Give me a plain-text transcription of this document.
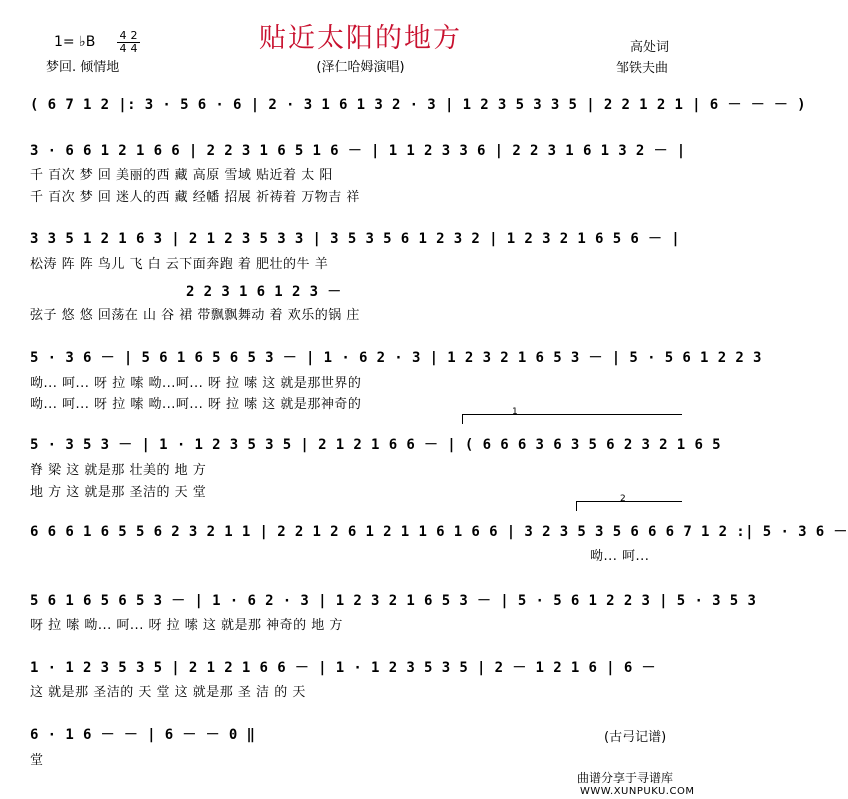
贴近太阳的地方
(泽仁哈姆演唱)
1= ♭B 4
4
2
4
梦回. 倾情地
高处词
邹铁夫曲
( 6 7 1 2 |: 3 · 5 6 · 6 | 2 · 3 1 6 1 3 2 · 3 | 1 2 3 5 3 3 5 | 2 2 1 2 1 | 6 － － － )
3 · 6 6 1 2 1 6 6 | 2 2 3 1 6 5 1 6 － | 1 1 2 3 3 6 | 2 2 3 1 6 1 3 2 － |
千 百次 梦 回 美丽的西 藏 高原 雪域 贴近着 太 阳
千 百次 梦 回 迷人的西 藏 经幡 招展 祈祷着 万物吉 祥
3 3 5 1 2 1 6 3 | 2 1 2 3 5 3 3 | 3 5 3 5 6 1 2 3 2 | 1 2 3 2 1 6 5 6 － |
松涛 阵 阵 鸟儿 飞 白 云下面奔跑 着 肥壮的牛 羊
2 2 3 1 6 1 2 3 －
弦子 悠 悠 回荡在 山 谷 裙 带飘飘舞动 着 欢乐的锅 庄
5 · 3 6 － | 5 6 1 6 5 6 5 3 － | 1 · 6 2 · 3 | 1 2 3 2 1 6 5 3 － | 5 · 5 6 1 2 2 3
呦... 呵... 呀 拉 嗦 呦...呵... 呀 拉 嗦 这 就是那世界的
呦... 呵... 呀 拉 嗦 呦...呵... 呀 拉 嗦 这 就是那神奇的	1
5 · 3 5 3 － | 1 · 1 2 3 5 3 5 | 2 1 2 1 6 6 － | ( 6 6 6 3 6 3 5 6 2 3 2 1 6 5
脊 梁 这 就是那 壮美的 地 方
地 方 这 就是那 圣洁的 天 堂	2
6 6 6 1 6 5 5 6 2 3 2 1 1 | 2 2 1 2 6 1 2 1 1 6 1 6 6 | 3 2 3 5 3 5 6 6 6 7 1 2 :| 5 · 3 6 －
呦... 呵...
5 6 1 6 5 6 5 3 － | 1 · 6 2 · 3 | 1 2 3 2 1 6 5 3 － | 5 · 5 6 1 2 2 3 | 5 · 3 5 3
呀 拉 嗦 呦... 呵... 呀 拉 嗦 这 就是那 神奇的 地 方
1 · 1 2 3 5 3 5 | 2 1 2 1 6 6 － | 1 · 1 2 3 5 3 5 | 2 － 1 2 1 6 | 6 －
这 就是那 圣洁的 天 堂 这 就是那 圣 洁 的 天
6 · 1 6 － － | 6 － － 0 ‖
堂
(古弓记谱)
曲谱分享于寻谱库
WWW.XUNPUKU.COM
